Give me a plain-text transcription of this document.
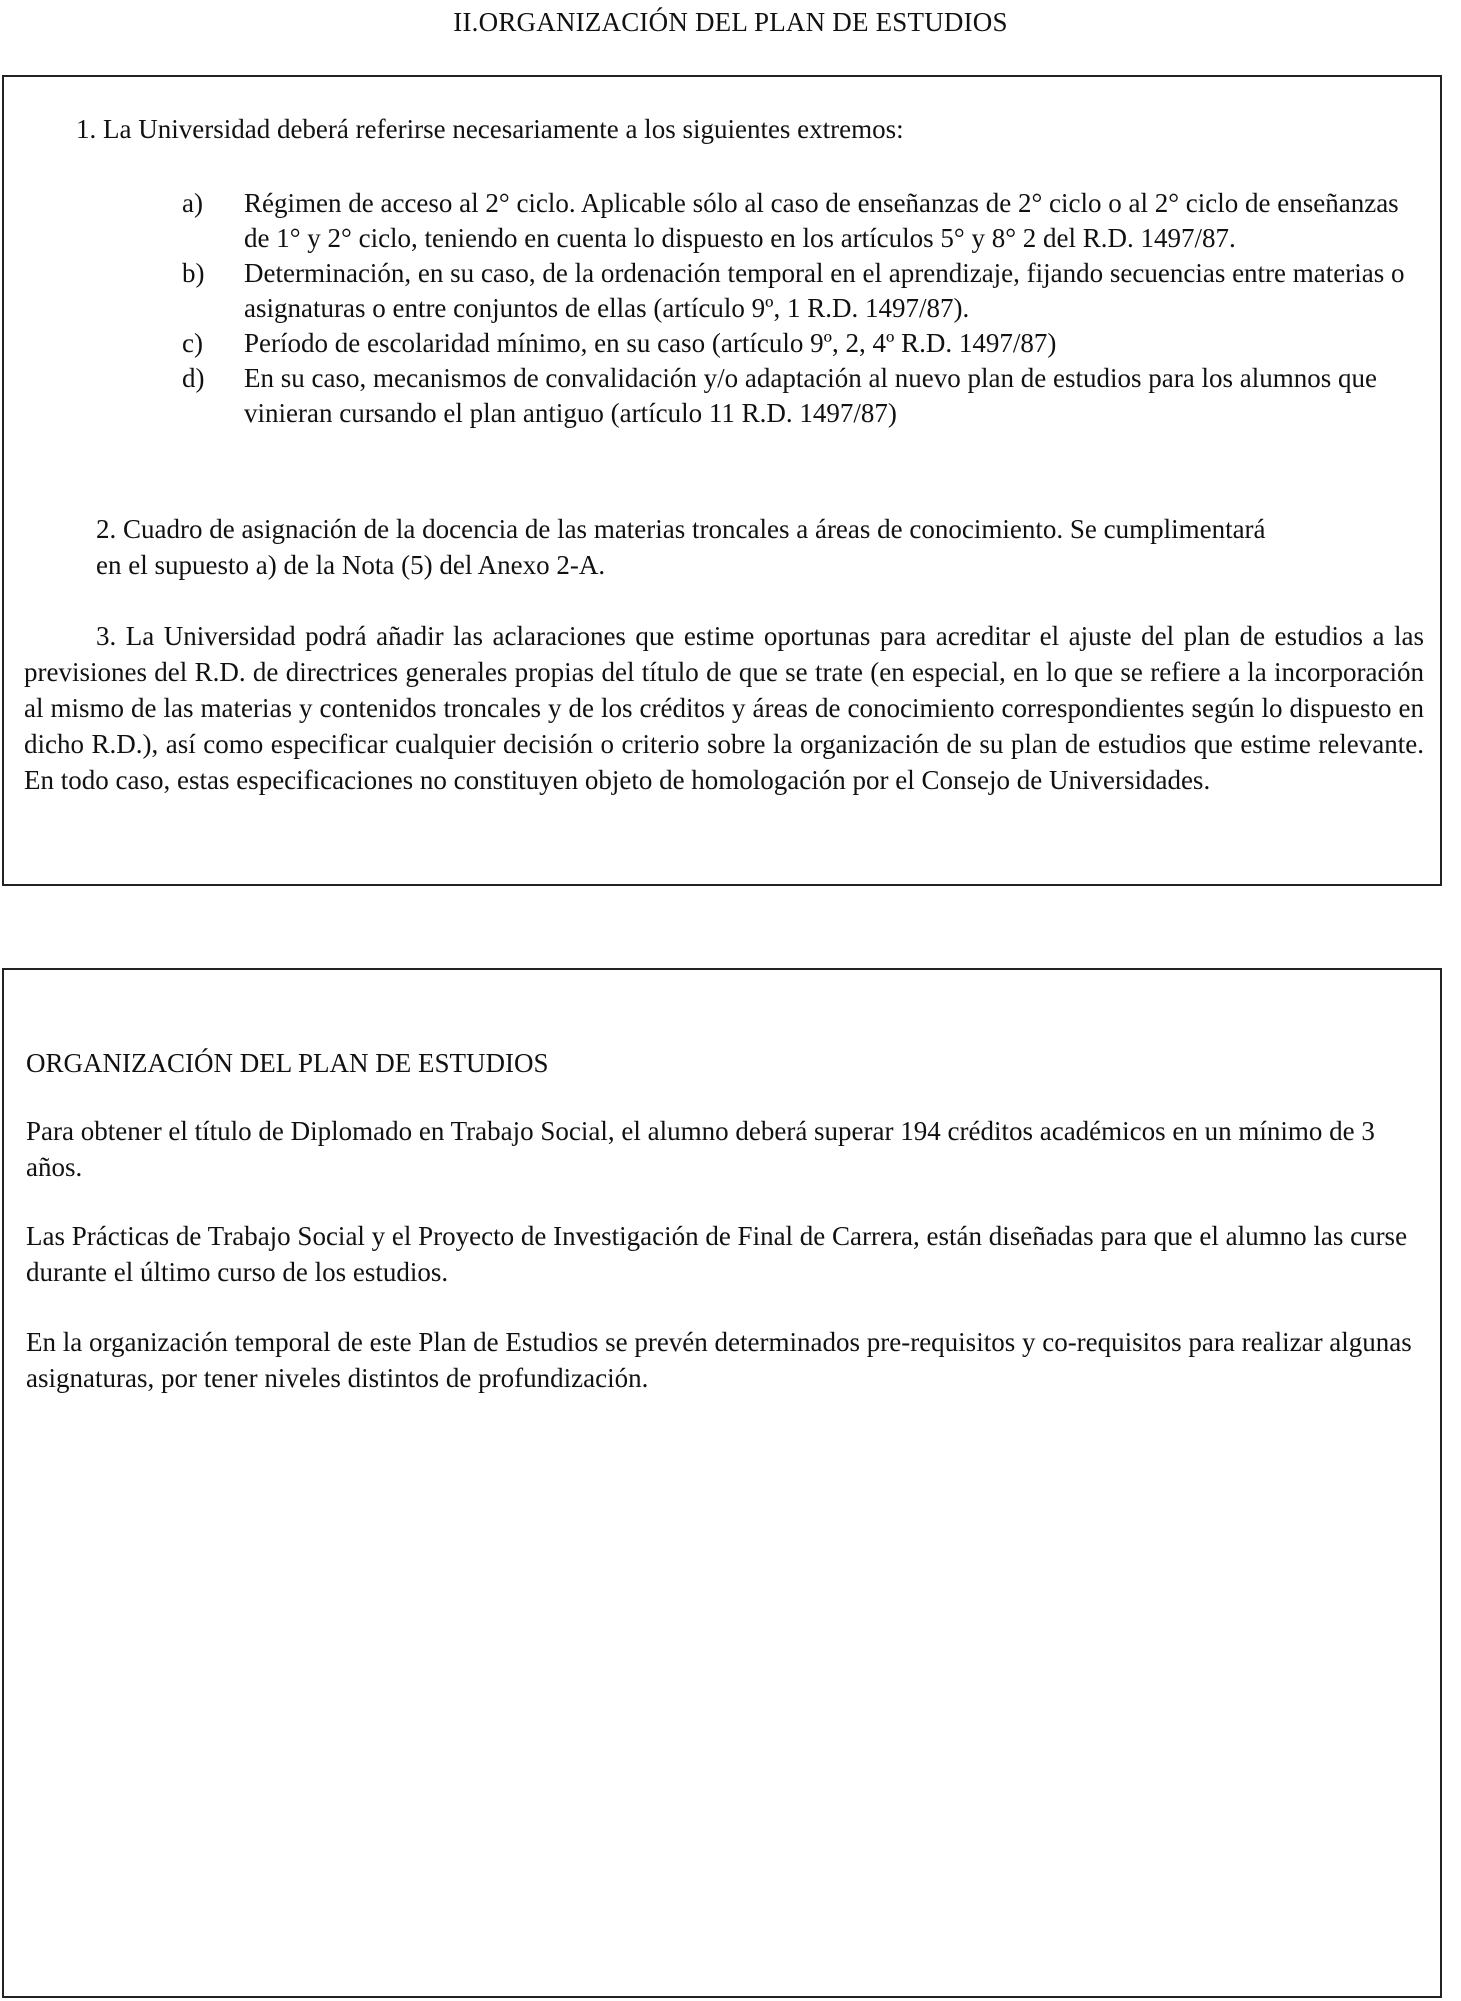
II.ORGANIZACIÓN DEL PLAN DE ESTUDIOS
1. La Universidad deberá referirse necesariamente a los siguientes extremos:
a) Régimen de acceso al 2° ciclo. Aplicable sólo al caso de enseñanzas de 2° ciclo o al 2° ciclo de enseñanzas de 1° y 2° ciclo, teniendo en cuenta lo dispuesto en los artículos 5° y 8° 2 del R.D. 1497/87.
b) Determinación, en su caso, de la ordenación temporal en el aprendizaje, fijando secuencias entre materias o asignaturas o entre conjuntos de ellas (artículo 9º, 1 R.D. 1497/87).
c) Período de escolaridad mínimo, en su caso (artículo 9º, 2, 4º R.D. 1497/87)
d) En su caso, mecanismos de convalidación y/o adaptación al nuevo plan de estudios para los alumnos que vinieran cursando el plan antiguo (artículo 11 R.D. 1497/87)
2. Cuadro de asignación de la docencia de las materias troncales a áreas de conocimiento. Se cumplimentará en el supuesto a) de la Nota (5) del Anexo 2-A.
3. La Universidad podrá añadir las aclaraciones que estime oportunas para acreditar el ajuste del plan de estudios a las previsiones del R.D. de directrices generales propias del título de que se trate (en especial, en lo que se refiere a la incorporación al mismo de las materias y contenidos troncales y de los créditos y áreas de conocimiento correspondientes según lo dispuesto en dicho R.D.), así como especificar cualquier decisión o criterio sobre la organización de su plan de estudios que estime relevante. En todo caso, estas especificaciones no constituyen objeto de homologación por el Consejo de Universidades.
ORGANIZACIÓN DEL PLAN DE ESTUDIOS
Para obtener el título de Diplomado en Trabajo Social, el alumno deberá superar 194 créditos académicos en un mínimo de 3 años.
Las Prácticas de Trabajo Social y el Proyecto de Investigación de Final de Carrera, están diseñadas para que el alumno las curse durante el último curso de los estudios.
En la organización temporal de este Plan de Estudios se prevén determinados pre-requisitos y co-requisitos para realizar algunas asignaturas, por tener niveles distintos de profundización.
